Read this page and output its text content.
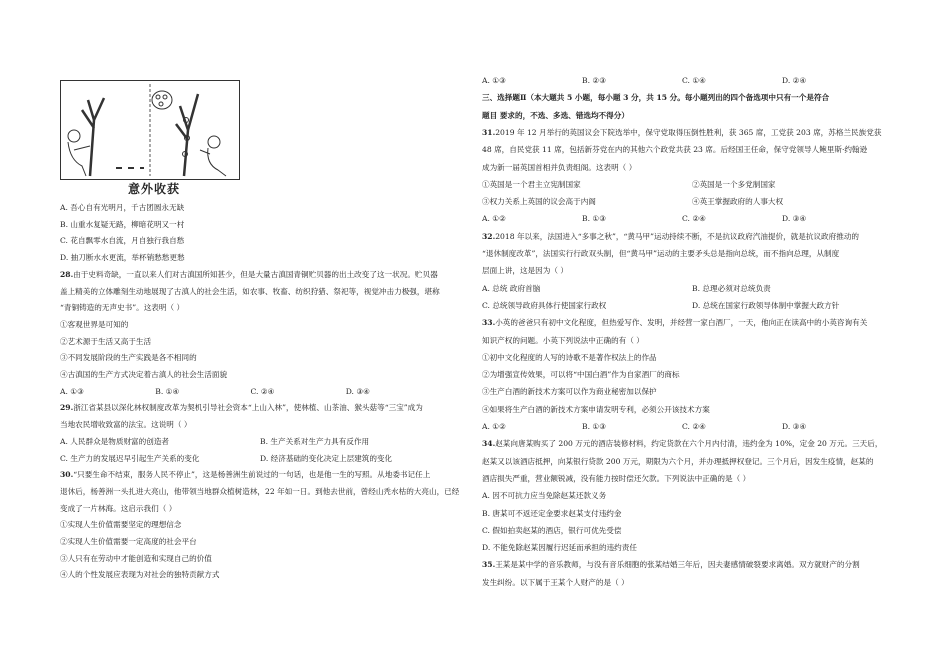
意外收获
A. 吾心自有光明月，千古团圆永无缺
B. 山重水复疑无路，柳暗花明又一村
C. 花自飘零水自流，月自独行我自愁
D. 抽刀断水水更流，举杯销愁愁更愁
28.由于史料奇缺，一直以来人们对古滇国所知甚少，但是大量古滇国青铜贮贝器的出土改变了这一状况。贮贝器
盖上精美的立体雕刻生动地展现了古滇人的社会生活，如农事、牧畜、纺织狩猎、祭祀等，视觉冲击力极强，堪称
“青铜铸造的无声史书”。这表明（ ）
①客观世界是可知的
②艺术源于生活又高于生活
③不同发展阶段的生产实践是各不相同的
④古滇国的生产方式决定着古滇人的社会生活面貌
A. ①③	B. ①④	C. ②④	D. ③④
29.浙江省某县以深化林权制度改革为契机引导社会资本“上山入林”，使林植、山茶油、猴头菇等“三宝”成为
当地农民增收致富的法宝。这说明（ ）
A. 人民群众是物质财富的创造者	B. 生产关系对生产力具有反作用
C. 生产力的发展迟早引起生产关系的变化	D. 经济基础的变化决定上层建筑的变化
30.“只要生命不结束，服务人民不停止”，这是杨善洲生前说过的一句话，也是他一生的写照。从地委书记任上
退休后，杨善洲一头扎进大亮山，他带领当地群众植树造林，22 年如一日。到他去世前，曾经山秃水枯的大亮山，已经
变成了一片林海。这启示我们（ ）
①实现人生价值需要坚定的理想信念
②实现人生价值需要一定高度的社会平台
③人只有在劳动中才能创造和实现自己的价值
④人的个性发展应表现为对社会的独特贡献方式
A. ①③	B. ②③	C. ①④	D. ②④
三、选择题Ⅱ（本大题共 5 小题，每小题 3 分，共 15 分。每小题列出的四个备选项中只有一个是符合
题目 要求的，不选、多选、错选均不得分）
31.2019 年 12 月举行的英国议会下院选举中，保守党取得压倒性胜利，获 365 席，工党获 203 席，苏格兰民族党获
48 席，自民党获 11 席，包括新芬党在内的其他六个政党共获 23 席。后经国王任命，保守党领导人鲍里斯·约翰逊
成为新一届英国首相并负责组阁。这表明（ ）
①英国是一个君主立宪制国家	②英国是一个多党制国家
③权力关系上英国的议会高于内阁	④英王掌握政府的人事大权
A. ①②	B. ①③	C. ②④	D. ③④
32.2018 年以来，法国进入“多事之秋”，“黄马甲”运动持续不断，不是抗议政府汽油提价，就是抗议政府推动的
“退休制度改革”，法国实行行政双头制，但“黄马甲”运动的主要矛头总是指向总统，而不指向总理，从制度
层面上讲，这是因为（ ）
A. 总统 政府首脑	B. 总理必须对总统负责
C. 总统领导政府具体行使国家行政权	D. 总统在国家行政领导体制中掌握大政方针
33.小英的爸爸只有初中文化程度，但热爱写作、发明，并经营一家白酒厂，一天，他向正在读高中的小英咨询有关
知识产权的问题。小英下列说法中正确的有（ ）
①初中文化程度的人写的诗歌不是著作权法上的作品
②为增强宣传效果，可以将“中国白酒”作为自家酒厂的商标
③生产白酒的新技术方案可以作为商业秘密加以保护
④如果将生产白酒的新技术方案申请发明专利，必须公开该技术方案
A. ①②	B. ①③	C. ②④	D. ③④
34.赵某向唐某购买了 200 万元的酒店装修材料，约定货款在六个月内付清，违约金为 10%，定金 20 万元。三天后，
赵某又以该酒店抵押，向某银行贷款 200 万元，期限为六个月，并办理抵押权登记。三个月后，因发生疫情，赵某的
酒店损失严重，营业额锐减，没有能力按时偿还欠款。下列说法中正确的是（ ）
A. 因不可抗力应当免除赵某还款义务
B. 唐某可不返还定金要求赵某支付违约金
C. 假如拍卖赵某的酒店，银行可优先受偿
D. 不能免除赵某因履行迟延而承担的违约责任
35.王某是某中学的音乐教师，与没有音乐细胞的张某结婚三年后，因夫妻感情破裂要求离婚。双方就财产的分割
发生纠纷。以下属于王某个人财产的是（ ）
